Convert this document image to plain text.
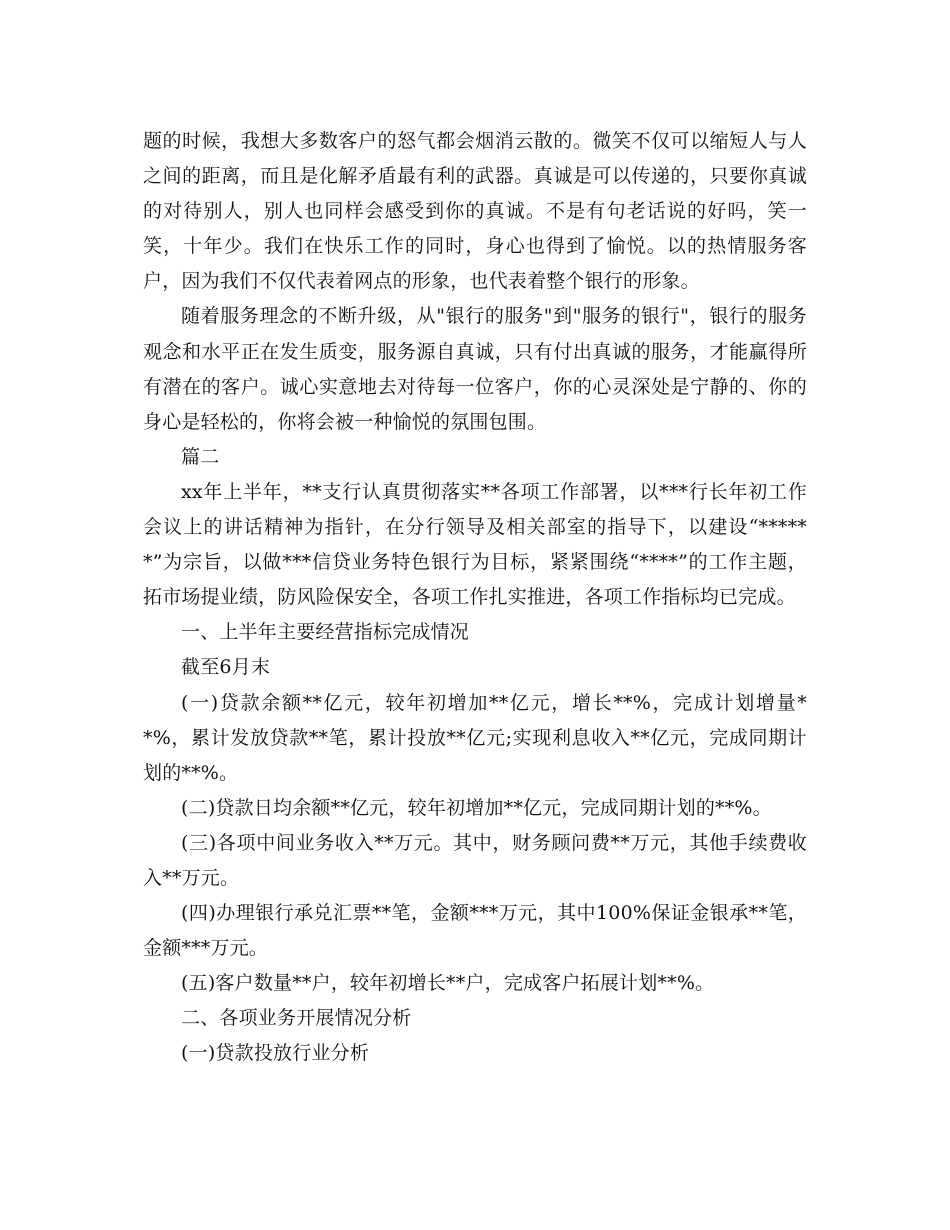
题的时候，我想大多数客户的怒气都会烟消云散的。微笑不仅可以缩短人与人之间的距离，而且是化解矛盾最有利的武器。真诚是可以传递的，只要你真诚的对待别人，别人也同样会感受到你的真诚。不是有句老话说的好吗，笑一笑，十年少。我们在快乐工作的同时，身心也得到了愉悦。以的热情服务客户，因为我们不仅代表着网点的形象，也代表着整个银行的形象。

随着服务理念的不断升级，从"银行的服务"到"服务的银行"，银行的服务观念和水平正在发生质变，服务源自真诚，只有付出真诚的服务，才能赢得所有潜在的客户。诚心实意地去对待每一位客户，你的心灵深处是宁静的、你的身心是轻松的，你将会被一种愉悦的氛围包围。

篇二

xx年上半年，**支行认真贯彻落实**各项工作部署，以***行长年初工作会议上的讲话精神为指针，在分行领导及相关部室的指导下，以建设“******”为宗旨，以做***信贷业务特色银行为目标，紧紧围绕“****”的工作主题，拓市场提业绩，防风险保安全，各项工作扎实推进，各项工作指标均已完成。

一、上半年主要经营指标完成情况

截至6月末

(一)贷款余额**亿元，较年初增加**亿元，增长**%，完成计划增量**%，累计发放贷款**笔，累计投放**亿元;实现利息收入**亿元，完成同期计划的**%。

(二)贷款日均余额**亿元，较年初增加**亿元，完成同期计划的**%。

(三)各项中间业务收入**万元。其中，财务顾问费**万元，其他手续费收入**万元。

(四)办理银行承兑汇票**笔，金额***万元，其中100%保证金银承**笔，金额***万元。

(五)客户数量**户，较年初增长**户，完成客户拓展计划**%。

二、各项业务开展情况分析

(一)贷款投放行业分析
